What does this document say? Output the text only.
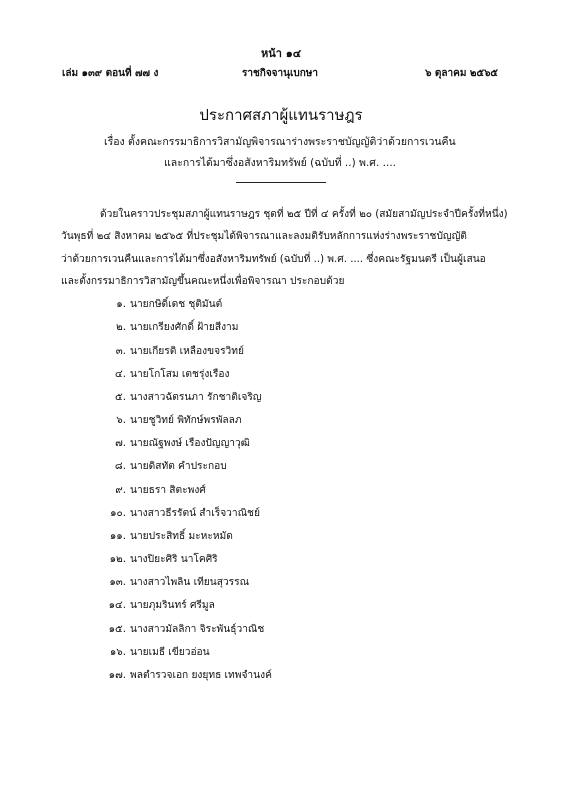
หน้า ๑๔
เล่ม ๑๓๙ ตอนที่ ๗๗ ง	ราชกิจจานุเบกษา	๖ ตุลาคม ๒๕๖๕
ประกาศสภาผู้แทนราษฎร
เรื่อง ตั้งคณะกรรมาธิการวิสามัญพิจารณาร่างพระราชบัญญัติว่าด้วยการเวนคืน
และการได้มาซึ่งอสังหาริมทรัพย์ (ฉบับที่ ..) พ.ศ. ....
ด้วยในคราวประชุมสภาผู้แทนราษฎร ชุดที่ ๒๕ ปีที่ ๔ ครั้งที่ ๒๐ (สมัยสามัญประจำปีครั้งที่หนึ่ง)
วันพุธที่ ๒๔ สิงหาคม ๒๕๖๕ ที่ประชุมได้พิจารณาและลงมติรับหลักการแห่งร่างพระราชบัญญัติ
ว่าด้วยการเวนคืนและการได้มาซึ่งอสังหาริมทรัพย์ (ฉบับที่ ..) พ.ศ. .... ซึ่งคณะรัฐมนตรี เป็นผู้เสนอ
และตั้งกรรมาธิการวิสามัญขึ้นคณะหนึ่งเพื่อพิจารณา ประกอบด้วย
๑. นายกษิดิ์เดช ชุติมันต์
๒. นายเกรียงศักดิ์ ฝ้ายสีงาม
๓. นายเกียรติ เหลืองขจรวิทย์
๔. นายโกโสม เตชรุ่งเรือง
๕. นางสาวฉัตรนภา รักชาติเจริญ
๖. นายชูวิทย์ พิทักษ์พรพัลลภ
๗. นายณัฐพงษ์ เรืองปัญญาวุฒิ
๘. นายดิสทัต คำประกอบ
๙. นายธรา สิตะพงศ์
๑๐. นางสาวธีรรัตน์ สำเร็จวาณิชย์
๑๑. นายประสิทธิ์ มะหะหมัด
๑๒. นางปิยะศิริ นาโคศิริ
๑๓. นางสาวไพลิน เทียนสุวรรณ
๑๔. นายภุมรินทร์ ศรีมูล
๑๕. นางสาวมัลลิกา จิระพันธุ์วาณิช
๑๖. นายเมธี เขียวอ่อน
๑๗. พลตำรวจเอก ยงยุทธ เทพจำนงค์
